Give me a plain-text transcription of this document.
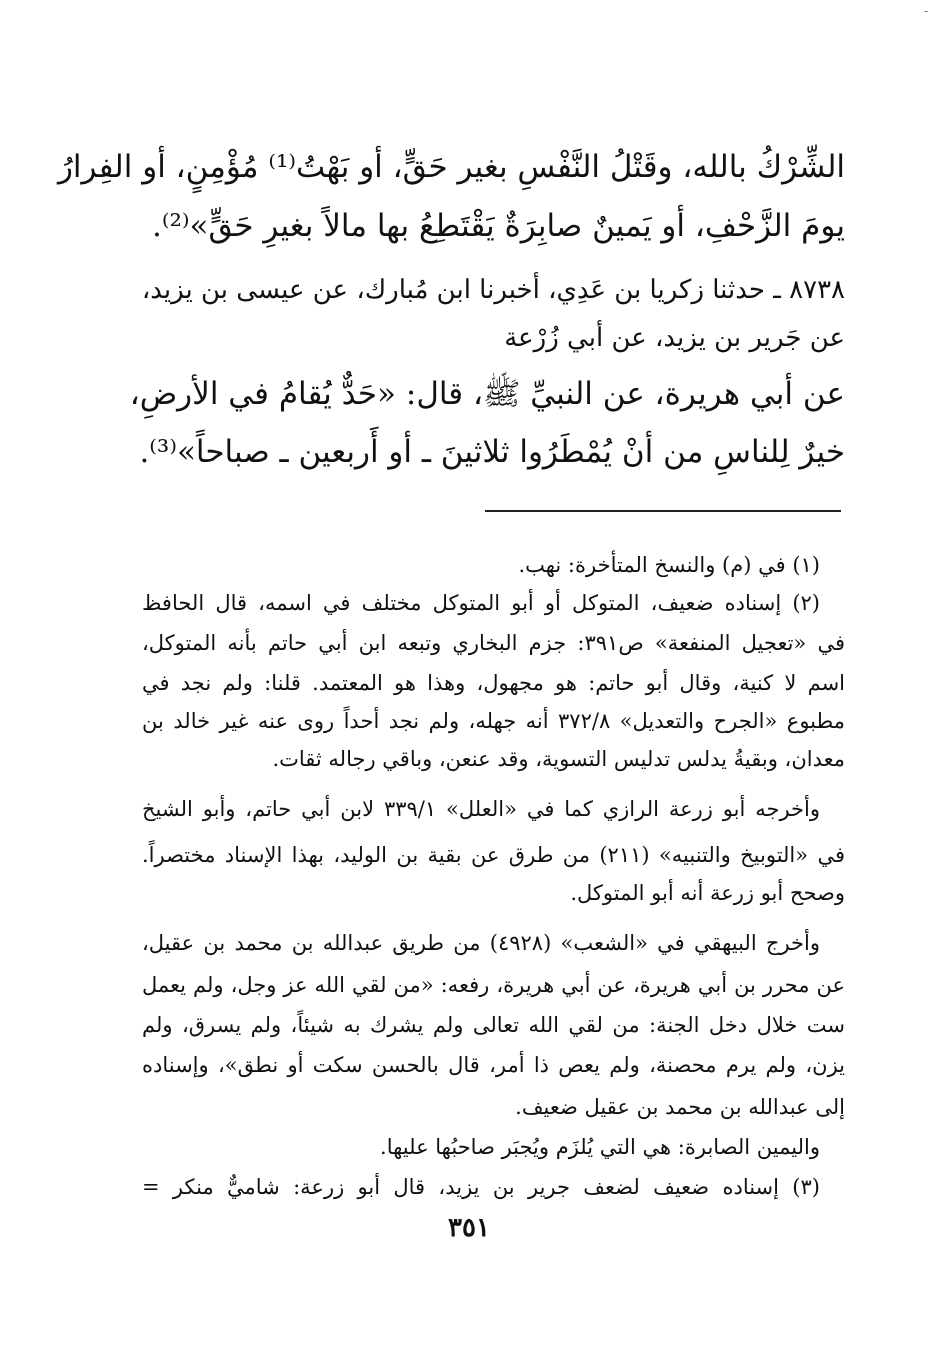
-
الشِّرْكُ بالله، وقَتْلُ النَّفْسِ بغير حَقٍّ، أو بَهْتُ⁽¹⁾ مُؤْمِنٍ، أو الفِرارُ
يومَ الزَّحْفِ، أو يَمينٌ صابِرَةٌ يَقْتَطِعُ بها مالاً بغيرِ حَقٍّ»⁽²⁾.
٨٧٣٨ ـ حدثنا زكريا بن عَدِي، أخبرنا ابن مُبارك، عن عيسى بن يزيد،
عن جَرير بن يزيد، عن أبي زُرْعة
عن أبي هريرة، عن النبيِّ ﷺ، قال: «حَدٌّ يُقامُ في الأرضِ،
خيرٌ لِلناسِ من أنْ يُمْطَرُوا ثلاثينَ ـ أو أَربعين ـ صباحاً»⁽³⁾.
(١) في (م) والنسخ المتأخرة: نهب.
(٢) إسناده ضعيف، المتوكل أو أبو المتوكل مختلف في اسمه، قال الحافظ
في «تعجيل المنفعة» ص٣٩١: جزم البخاري وتبعه ابن أبي حاتم بأنه المتوكل،
اسم لا كنية، وقال أبو حاتم: هو مجهول، وهذا هو المعتمد. قلنا: ولم نجد في
مطبوع «الجرح والتعديل» ٣٧٢/٨ أنه جهله، ولم نجد أحداً روى عنه غير خالد بن
معدان، وبقيةُ يدلس تدليس التسوية، وقد عنعن، وباقي رجاله ثقات.
وأخرجه أبو زرعة الرازي كما في «العلل» ٣٣٩/١ لابن أبي حاتم، وأبو الشيخ
في «التوبيخ والتنبيه» (٢١١) من طرق عن بقية بن الوليد، بهذا الإسناد مختصراً.
وصحح أبو زرعة أنه أبو المتوكل.
وأخرج البيهقي في «الشعب» (٤٩٢٨) من طريق عبدالله بن محمد بن عقيل،
عن محرر بن أبي هريرة، عن أبي هريرة، رفعه: «من لقي الله عز وجل، ولم يعمل
ست خلال دخل الجنة: من لقي الله تعالى ولم يشرك به شيئاً، ولم يسرق، ولم
يزن، ولم يرم محصنة، ولم يعص ذا أمر، قال بالحسن سكت أو نطق»، وإسناده
إلى عبدالله بن محمد بن عقيل ضعيف.
واليمين الصابرة: هي التي يُلزَم ويُجبَر صاحبُها عليها.
(٣) إسناده ضعيف لضعف جرير بن يزيد، قال أبو زرعة: شاميٌّ منكر =
٣٥١
